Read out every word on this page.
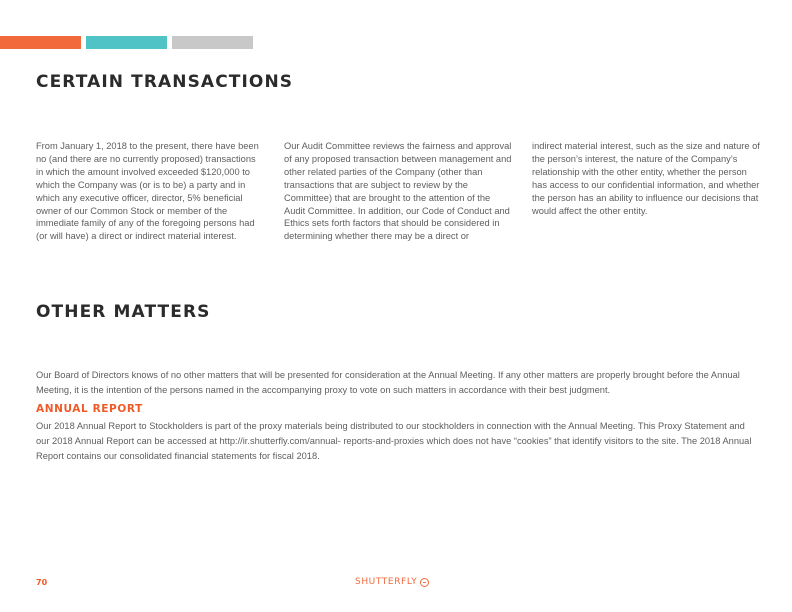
CERTAIN TRANSACTIONS
From January 1, 2018 to the present, there have been no (and there are no currently proposed) transactions in which the amount involved exceeded $120,000 to which the Company was (or is to be) a party and in which any executive officer, director, 5% beneficial owner of our Common Stock or member of the immediate family of any of the foregoing persons had (or will have) a direct or indirect material interest.
Our Audit Committee reviews the fairness and approval of any proposed transaction between management and other related parties of the Company (other than transactions that are subject to review by the Committee) that are brought to the attention of the Audit Committee. In addition, our Code of Conduct and Ethics sets forth factors that should be considered in determining whether there may be a direct or
indirect material interest, such as the size and nature of the person’s interest, the nature of the Company’s relationship with the other entity, whether the person has access to our confidential information, and whether the person has an ability to influence our decisions that would affect the other entity.
OTHER MATTERS
Our Board of Directors knows of no other matters that will be presented for consideration at the Annual Meeting. If any other matters are properly brought before the Annual Meeting, it is the intention of the persons named in the accompanying proxy to vote on such matters in accordance with their best judgment.
ANNUAL REPORT
Our 2018 Annual Report to Stockholders is part of the proxy materials being distributed to our stockholders in connection with the Annual Meeting. This Proxy Statement and our 2018 Annual Report can be accessed at http://ir.shutterfly.com/annual- reports-and-proxies which does not have “cookies” that identify visitors to the site. The 2018 Annual Report contains our consolidated financial statements for fiscal 2018.
70	SHUTTERFLY
